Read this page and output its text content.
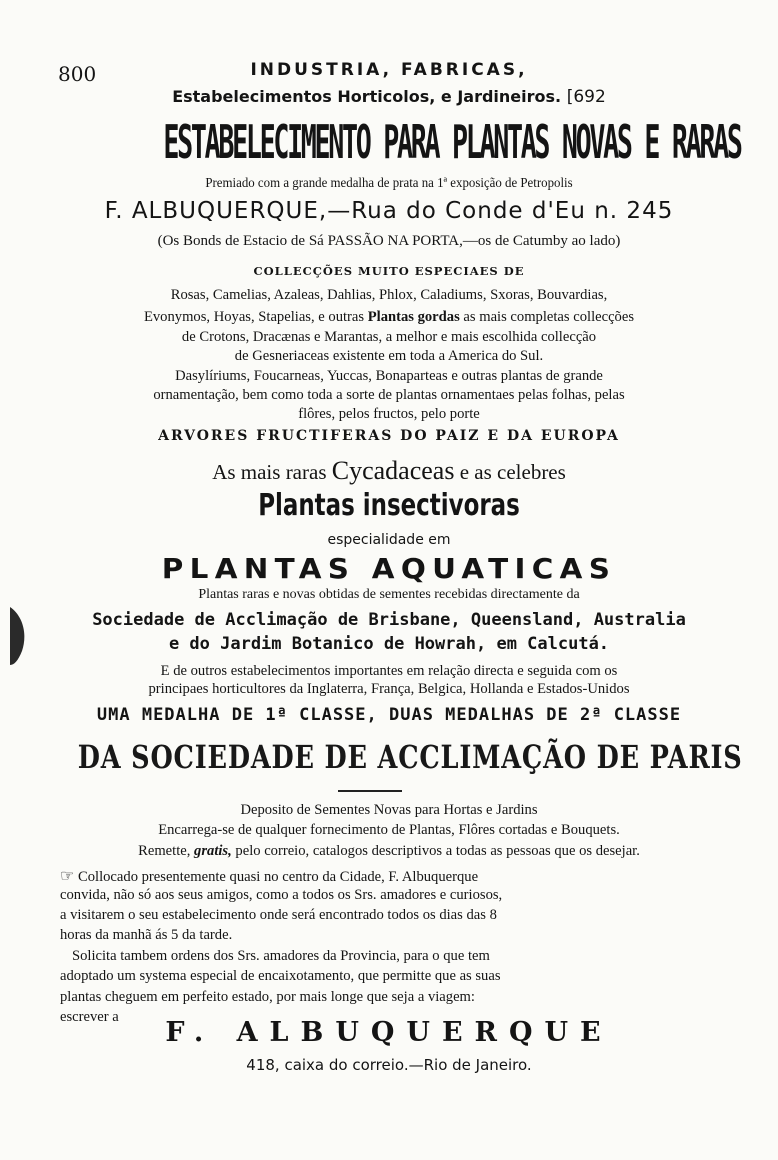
800	INDUSTRIA, FABRICAS,
Estabelecimentos Horticolos, e Jardineiros. [692
ESTABELECIMENTO PARA PLANTAS NOVAS E RARAS
Premiado com a grande medalha de prata na 1ª exposição de Petropolis
F. ALBUQUERQUE,—Rua do Conde d'Eu n. 245
(Os Bonds de Estacio de Sá PASSÃO NA PORTA,—os de Catumby ao lado)
COLLECÇÕES MUITO ESPECIAES DE
Rosas, Camelias, Azaleas, Dahlias, Phlox, Caladiums, Sxoras, Bouvardias,
Evonymos, Hoyas, Stapelias, e outras Plantas gordas as mais completas collecções
de Crotons, Dracænas e Marantas, a melhor e mais escolhida collecção
de Gesneriaceas existente em toda a America do Sul.
Dasylíriums, Foucarneas, Yuccas, Bonaparteas e outras plantas de grande
ornamentação, bem como toda a sorte de plantas ornamentaes pelas folhas, pelas
flôres, pelos fructos, pelo porte
ARVORES FRUCTIFERAS DO PAIZ E DA EUROPA
As mais raras Cycadaceas e as celebres
Plantas insectivoras
especialidade em
PLANTAS AQUATICAS
Plantas raras e novas obtidas de sementes recebidas directamente da
Sociedade de Acclimação de Brisbane, Queensland, Australia
e do Jardim Botanico de Howrah, em Calcutá.
E de outros estabelecimentos importantes em relação directa e seguida com os
principaes horticultores da Inglaterra, França, Belgica, Hollanda e Estados-Unidos
UMA MEDALHA DE 1ª CLASSE, DUAS MEDALHAS DE 2ª CLASSE
DA SOCIEDADE DE ACCLIMAÇÃO DE PARIS
Deposito de Sementes Novas para Hortas e Jardins
Encarrega-se de qualquer fornecimento de Plantas, Flôres cortadas e Bouquets.
Remette, gratis, pelo correio, catalogos descriptivos a todas as pessoas que os desejar.
☞ Collocado presentemente quasi no centro da Cidade, F. Albuquerque
convida, não só aos seus amigos, como a todos os Srs. amadores e curiosos,
a visitarem o seu estabelecimento onde será encontrado todos os dias das 8
horas da manhã ás 5 da tarde.
Solicita tambem ordens dos Srs. amadores da Provincia, para o que tem
adoptado um systema especial de encaixotamento, que permitte que as suas
plantas cheguem em perfeito estado, por mais longe que seja a viagem:
escrever a	F. ALBUQUERQUE
418, caixa do correio.—Rio de Janeiro.
